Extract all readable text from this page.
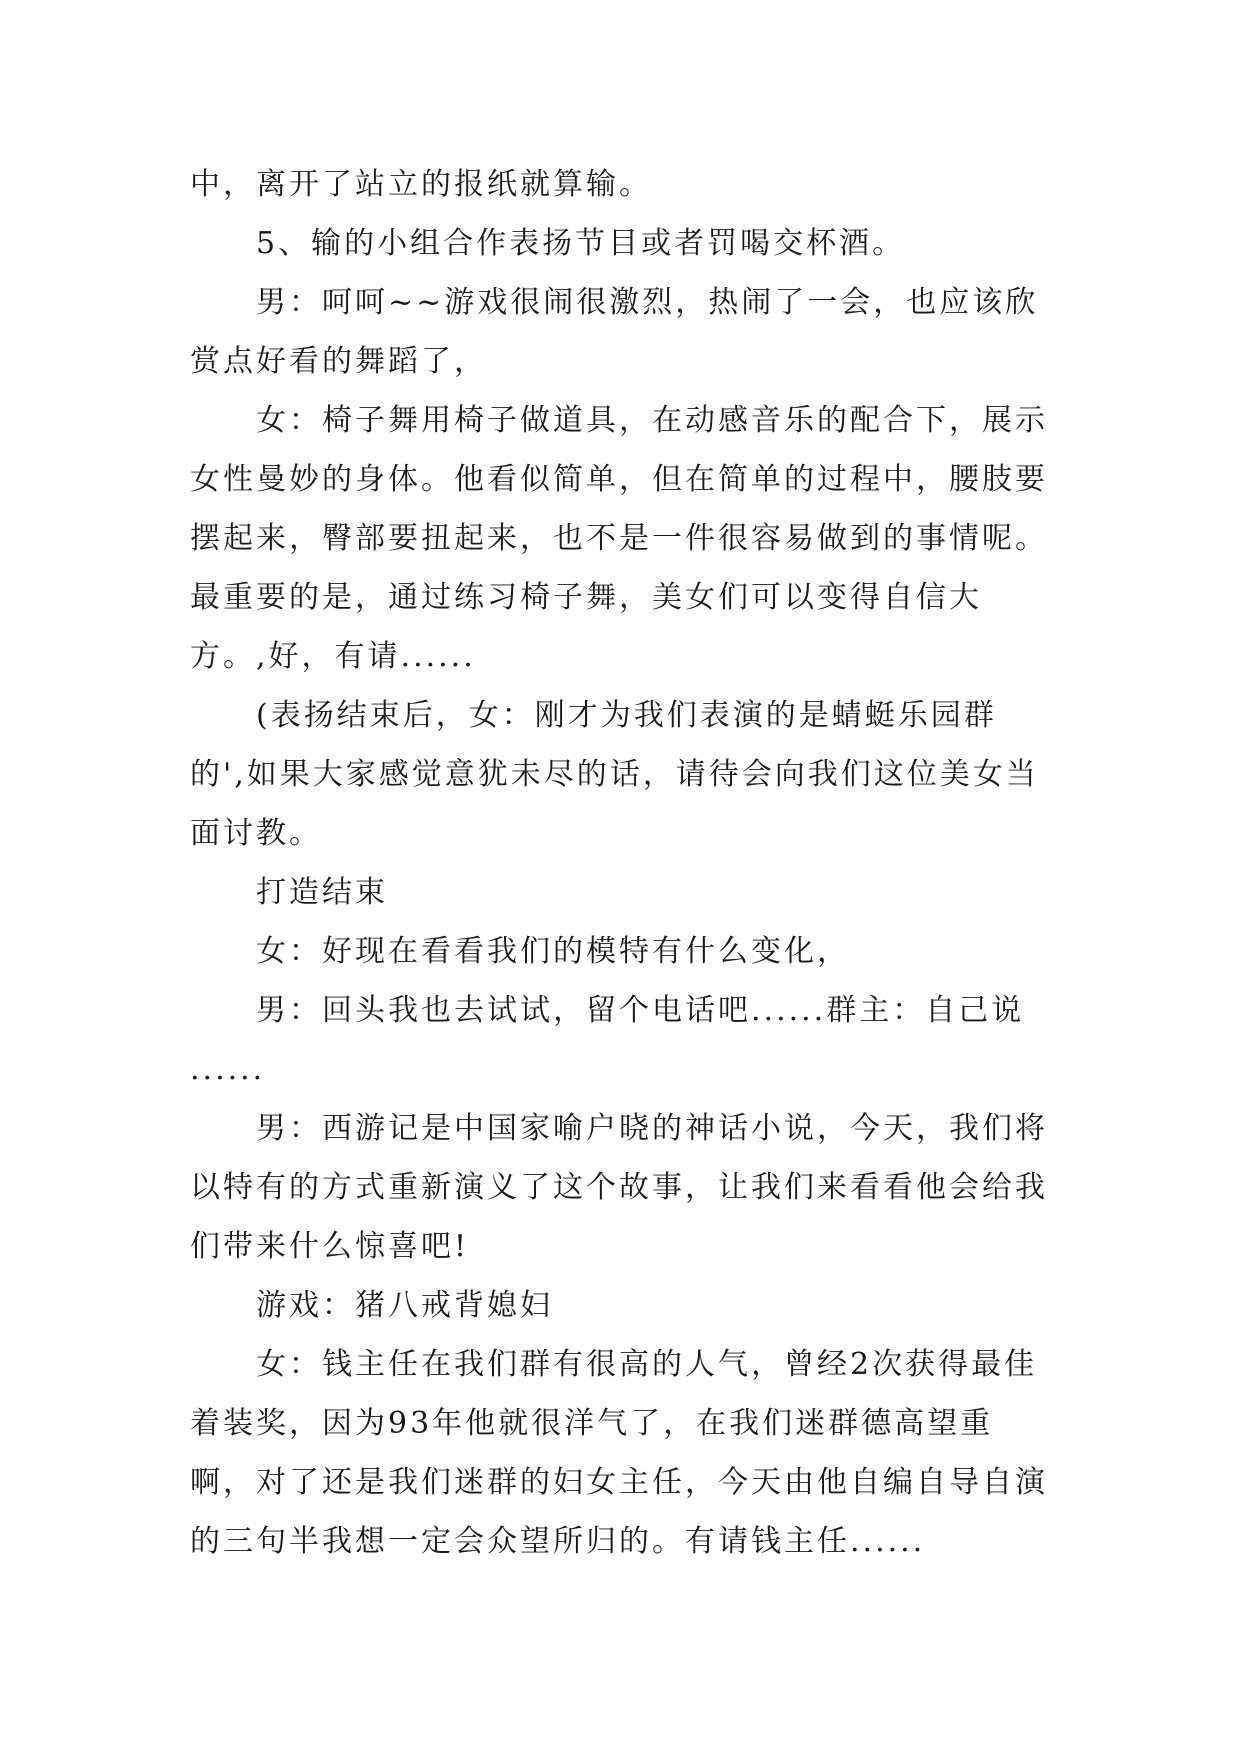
中，离开了站立的报纸就算输。

5、输的小组合作表扬节目或者罚喝交杯酒。

男：呵呵~~游戏很闹很激烈，热闹了一会，也应该欣赏点好看的舞蹈了，

女：椅子舞用椅子做道具，在动感音乐的配合下，展示女性曼妙的身体。他看似简单，但在简单的过程中，腰肢要摆起来，臀部要扭起来，也不是一件很容易做到的事情呢。最重要的是，通过练习椅子舞，美女们可以变得自信大方。,好，有请......

(表扬结束后，女：刚才为我们表演的是蜻蜓乐园群的',如果大家感觉意犹未尽的话，请待会向我们这位美女当面讨教。

打造结束

女：好现在看看我们的模特有什么变化，

男：回头我也去试试，留个电话吧......群主：自己说 ......

男：西游记是中国家喻户晓的神话小说，今天，我们将以特有的方式重新演义了这个故事，让我们来看看他会给我们带来什么惊喜吧!

游戏：猪八戒背媳妇

女：钱主任在我们群有很高的人气，曾经2次获得最佳着装奖，因为93年他就很洋气了，在我们迷群德高望重啊，对了还是我们迷群的妇女主任，今天由他自编自导自演的三句半我想一定会众望所归的。有请钱主任......
